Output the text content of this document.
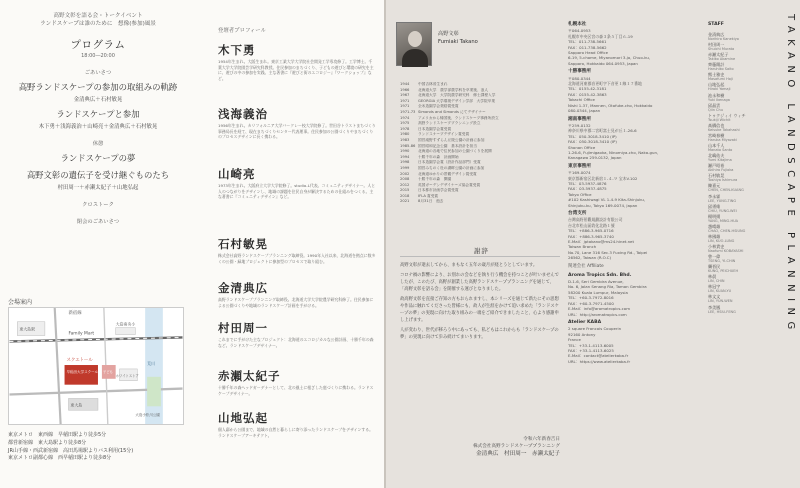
高野文彰を語る会・トークイベント
ランドスケープは誰のために　想像(参加)風景
プログラム
18:00―20:00
ごあいさつ
高野ランドスケープの参加の取組みの軌跡
金清典広＋石村敏晃
ランドスケープと参加
木下勇＋浅海義治＋山崎亮＋金清典広＋石村敏晃
休憩
ランドスケープの夢
高野文彰の遺伝子を受け継ぐものたち
村田周一＋赤瀬太紀子＋山地弘起
クロストーク
閉会のごあいさつ
会場案内
新宿線
Family Mart
東大島駅
大島南央小
スクエトール
早稲田大学スクール 子ども
東大島
荒川
大島小松川公園
ホワイトストア
東京メトロ　東西線　早稲田駅より徒歩5分
都営新宿線　東大島駅より徒歩8分
JR山手線・西武新宿線　高田馬場駅よりバス利用(15分)
東京メトロ副都心線　西早稲田駅より徒歩8分
登壇者プロフィール
木下勇
1954年生まれ。大阪生まれ。東京工業大学大学院社会開発工学専攻修了。工学博士。千葉大学大学院園芸学研究科教授。住民参加のまちづくり、子どもの遊びと環境の研究を主に、遊びの中の参加を実践。主な著書に『遊びと街のエコロジー』『ワークショップ』など。
浅海義治
1956年生まれ。カリフォルニア大学バークレー校大学院修了。世田谷トラストまちづくり事務局長を経て、現在まちづくりセンター代表理事。住民参加の公園づくりやまちづくりのプロセスデザインに長く携わる。
山崎亮
1973年生まれ。大阪府立大学大学院修了。studio-L代表。コミュニティデザイナー。人と人のつながりをデザインし、地域の課題を住民自身が解決するための仕組みをつくる。主な著書に『コミュニティデザイン』など。
石村敏晃
株式会社高野ランドスケーププランニング取締役。1990年入社以来、北海道を拠点に数多くの公園・緑地プロジェクトに参加型のプロセスで取り組む。
金清典広
高野ランドスケーププランニング取締役。北海道大学大学院農学研究科修了。住民参加による公園づくりや地域のランドスケープ計画を手がける。
村田周一
これまでに手がけた主なプロジェクト：北海道のエコロジカルな公園計画、十勝千年の森など。ランドスケープデザイナー。
赤瀬太紀子
十勝千年の森ヘッドガーデナーとして、北の風土に根ざした庭づくりに携わる。ランドスケープデザイナー。
山地弘起
個人邸から公園まで、地域の自然と暮らしに寄り添ったランドスケープをデザインする。ランドスケープアーキテクト。
高野文彰
Fumiaki Takano
1944	中国吉林省生まれ
1966	北海道大学　農学部農学科を卒業後、浪人
1967	北海道大学　大学院農学研究科　修士課程入学
1971	GEORGIA 大学環境デザイン学部　大学院卒業
1971	全米造園学会奨励賞受賞
1971-73 Simonds and Simonds にてデザイナー
1974	アメリカから帰国後、ランドスケープ事務所設立
1975	高野ランドスケーププランニング設立
1978	日本造園学会賞受賞
1980	ランドスケープデザイン賞受賞
1983	国営滝野すずらん丘陵公園の計画に参加
1985-86 国営昭和記念公園　基本設計を担当
1990	北海道の各地で住民参加の公園づくりを展開
1994	十勝千年の森　計画開始
1998	日本造園学会賞（設計作品部門）受賞
1999	国営みちのく杜の湖畔公園の計画に参加
2002	北海道ゆかりの景観デザイン賞受賞
2008	十勝千年の森　開園
2012	英国ガーデンデザイナーズ協会賞受賞
2015	日本都市計画学会賞受賞
2018	IFLA 賞受賞
2021	8月31日　逝去
謝辞

高野文彰が逝去してから、まもなく五年の歳月が経とうとしています。

コロナ禍の影響により、お別れの会などを執り行う機会を持つことが叶いませんでしたが、このたび、高野が創業した高野ランドスケーププランニングを通じて、「高野文彰を語る会」を開催する運びとなりました。

故高野文彰を直接ご存知の方もおられますし、本シリーズを通じて新たにその思想や作品に触れてくださった皆様にも、故人が生涯をかけて追い求めた「ランドスケープの夢」の実現に向けた取り組みの一端をご紹介できましたこと、心より感謝申し上げます。

人が変わり、世代が移ろう中にあっても、私どもはこれからも「ランドスケープの夢」の実現に向けて歩み続けてまいります。

令和六年新春吉日
株式会社高野ランドスケーププランニング
金清典広　村田周一　赤瀬太紀子
札幌本社
〒064-0953
札幌市中央区宮の森３条５丁目６-19
TEL：011-738-5661
FAX：011-738-5662
Sapporo Head Office
6-19, 5-chome, Miyanomori 3-jo, Chuo-ku,
Sapporo, Hokkaido 064-0953, Japan
十勝事務所
〒080-0344
北海道河東郡音更町字下音更１線１７番地
TEL：0155-42-3181
FAX：0155-42-3863
Tokachi Office
Nishi 1-37, Mannen, Otofuke-cho, Hokkaido
080-0344, Japan
湘南事務所
〒259-0132
神奈川県中郡二宮町富士見が丘１-26-6
TEL：050-3018-3410 (IP)
FAX：050-3018-3410 (IP)
Shonan Office
1-26-6, Fujimigaoka, Ninomiya-cho, Naka-gun,
Kanagawa 259-0132, Japan
東京事務所
〒169-0074
東京都新宿区北新宿１-４-９ 宝木V.102
TEL：03-5937-4876
FAX：03-5937-4875
Tokyo Office
#102 Kashiwagi VL 1-4-9 Kita-Shinjuku,
Shinjuku-ku, Tokyo 169-0074, Japan
台湾支所
台灣高野景觀規劃設計有限公司
台北市松山區敦化北路１號
TEL：+886-3-965-0716
FAX：+886-3-965-3740
E-Mail：jptakano@ms24.hinet.net
Taiwan Branch
No.70, Lane 316 Sec.3 Fuxing Rd., Taipei
26562, Taiwan (R.O.C)
関連会社 Affiliate
Aroma Tropics Sdn. Bhd.
D-1-6, Seri Gembira Avenue,
No. 6, Jalan Senang Ria, Taman Gembira
58200 Kuala Lumpur, Malaysia
TEL：+60-3-7972-8016
FAX：+60-3-7971-4500
E-Mail：info@aromatropics.com
URL：http://aromatropics.com
Atelier KABA
2 square Francois Couperin
92160 Antony
France
TEL：+33-1-4113-6005
FAX：+33-1-4113-6025
E-Mail：contact@atelierkaba.fr
URL：https://www.atelierkaba.fr
STAFF
金清典広
Norihiro Kanekiyo
村田周一
Shuichi Murata
赤瀬太紀子
Takiko Akamine
齊藤陽計
Haruhiko Saito
熊士雅史
Masafumi Hoji
山地弘起
Hiroki Yamaji
池永和樹
Yuki Ikenaga
邱晶雲
Qiin Chu
トゥクジィイ ウィチ
Tsukiji Wichit
髙橋信也
Keisuke Takahashi
宮崎春樹
Haruka Miyazaki
山本千人
Manato Santo
北嶋佑夫
Yumi Kitajima
瀬戸昭裕
Akihiro Fujioka
石村敏晃
Toshiya Ishimura
陳嘉元
CHEN, CHEN-KUANG
李永霖
LEE, YUNG-TING
邱勇維
CHIU, YUNG-WEI
楊明揚
YANG, MING-HUA
趙晴雄
CHAO, CHEN-HSIUNG
林國雄
LIN, KUO-LUNG
小林貴史
Naofumi KOBAYASHI
曾一偉
TSENG, YI-CHIN
龔晉民
KUNG, PEICHUEH
林晨
LIN, CHIN
林冠宇
LIN, KUAN-YU
林文文
LIN, YUN-WEN
李美鳳
LEE, HSIU-FENG	TAKANO LANDSCAPE PLANNING
